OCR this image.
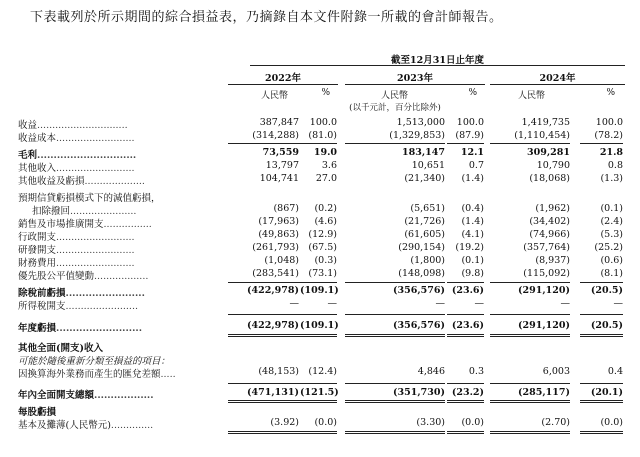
下表載列於所示期間的綜合損益表，乃摘錄自本文件附錄一所載的會計師報告。
截至12月31日止年度
2022年	2023年	2024年
人民幣	%	人民幣	%	人民幣	%
(以千元計，百分比除外)
收益..............................	387,847	100.0	1,513,000	100.0	1,419,735	100.0
收益成本..........................	(314,288) (81.0)	(1,329,853)	(87.9)	(1,110,454)	(78.2)
毛利..............................	73,559	19.0	183,147	12.1	309,281	21.8
其他收入..........................	13,797	3.6	10,651	0.7	10,790	0.8
其他收益及虧損....................	104,741	27.0	(21,340)	(1.4)	(18,068)	(1.3)
預期信貸虧損模式下的減值虧損，
扣除撥回......................	(867)	(0.2)	(5,651)	(0.4)	(1,962)	(0.1)
銷售及市場推廣開支................	(17,963)	(4.6)	(21,726)	(1.4)	(34,402)	(2.4)
行政開支..........................	(49,863) (12.9)	(61,605)	(4.1)	(74,966)	(5.3)
研發開支..........................	(261,793) (67.5)	(290,154)	(19.2)	(357,764)	(25.2)
財務費用..........................	(1,048)	(0.3)	(1,800)	(0.1)	(8,937)	(0.6)
優先股公平值變動..................	(283,541) (73.1)	(148,098)	(9.8)	(115,092)	(8.1)
除稅前虧損........................	(422,978) (109.1)	(356,576) (23.6)	(291,120)	(20.5)
所得稅開支........................	—	—	—	—	—	—
年度虧損..........................	(422,978) (109.1)	(356,576) (23.6)	(291,120)	(20.5)
其他全面(開支)收入
可能於隨後重新分類至損益的項目：
因換算海外業務而產生的匯兌差額.....	(48,153) (12.4)	4,846	0.3	6,003	0.4
年內全面開支總額..................	(471,131) (121.5)	(351,730) (23.2)	(285,117)	(20.1)
每股虧損
基本及攤薄(人民幣元)..............	(3.92)	(0.0)	(3.30)	(0.0)	(2.70)	(0.0)
